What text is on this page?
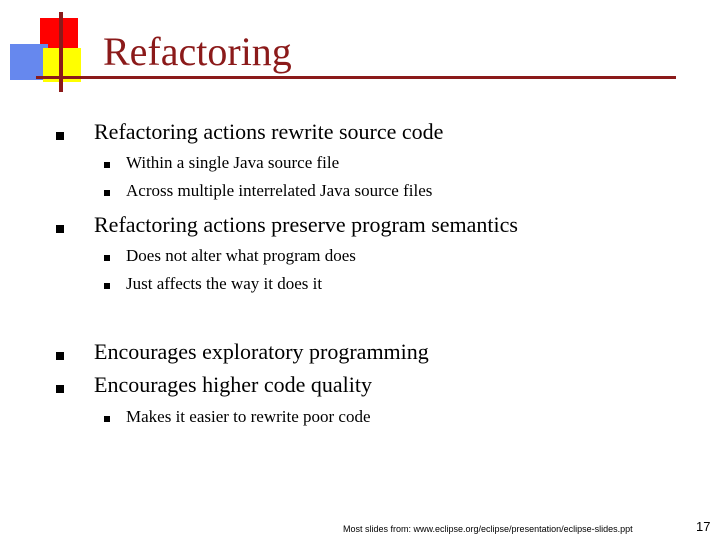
Refactoring
Refactoring actions rewrite source code
Within a single Java source file
Across multiple interrelated Java source files
Refactoring actions preserve program semantics
Does not alter what program does
Just affects the way it does it
Encourages exploratory programming
Encourages higher code quality
Makes it easier to rewrite poor code
Most slides from: www.eclipse.org/eclipse/presentation/eclipse-slides.ppt	17
